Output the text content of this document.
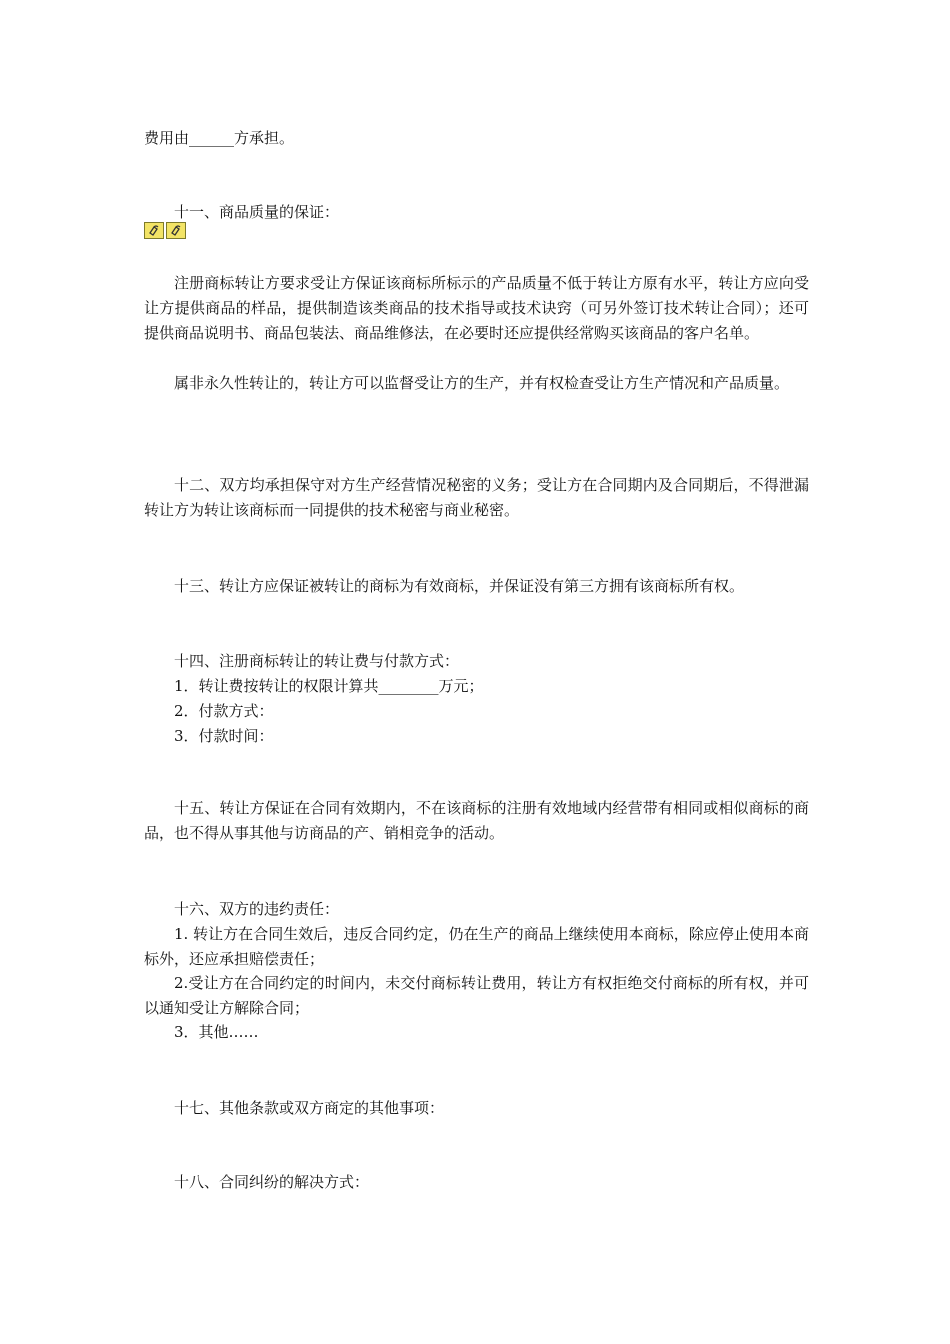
费用由______方承担。

十一、商品质量的保证：

注册商标转让方要求受让方保证该商标所标示的产品质量不低于转让方原有水平，转让方应向受让方提供商品的样品，提供制造该类商品的技术指导或技术诀窍（可另外签订技术转让合同）；还可提供商品说明书、商品包装法、商品维修法，在必要时还应提供经常购买该商品的客户名单。

属非永久性转让的，转让方可以监督受让方的生产，并有权检查受让方生产情况和产品质量。

十二、双方均承担保守对方生产经营情况秘密的义务；受让方在合同期内及合同期后，不得泄漏转让方为转让该商标而一同提供的技术秘密与商业秘密。

十三、转让方应保证被转让的商标为有效商标，并保证没有第三方拥有该商标所有权。

十四、注册商标转让的转让费与付款方式：

1．转让费按转让的权限计算共________万元；

2．付款方式：

3．付款时间：

十五、转让方保证在合同有效期内，不在该商标的注册有效地域内经营带有相同或相似商标的商品，也不得从事其他与访商品的产、销相竞争的活动。

十六、双方的违约责任：

1. 转让方在合同生效后，违反合同约定，仍在生产的商品上继续使用本商标，除应停止使用本商标外，还应承担赔偿责任；

2.受让方在合同约定的时间内，未交付商标转让费用，转让方有权拒绝交付商标的所有权，并可以通知受让方解除合同；

3．其他……

十七、其他条款或双方商定的其他事项：

十八、合同纠纷的解决方式：
